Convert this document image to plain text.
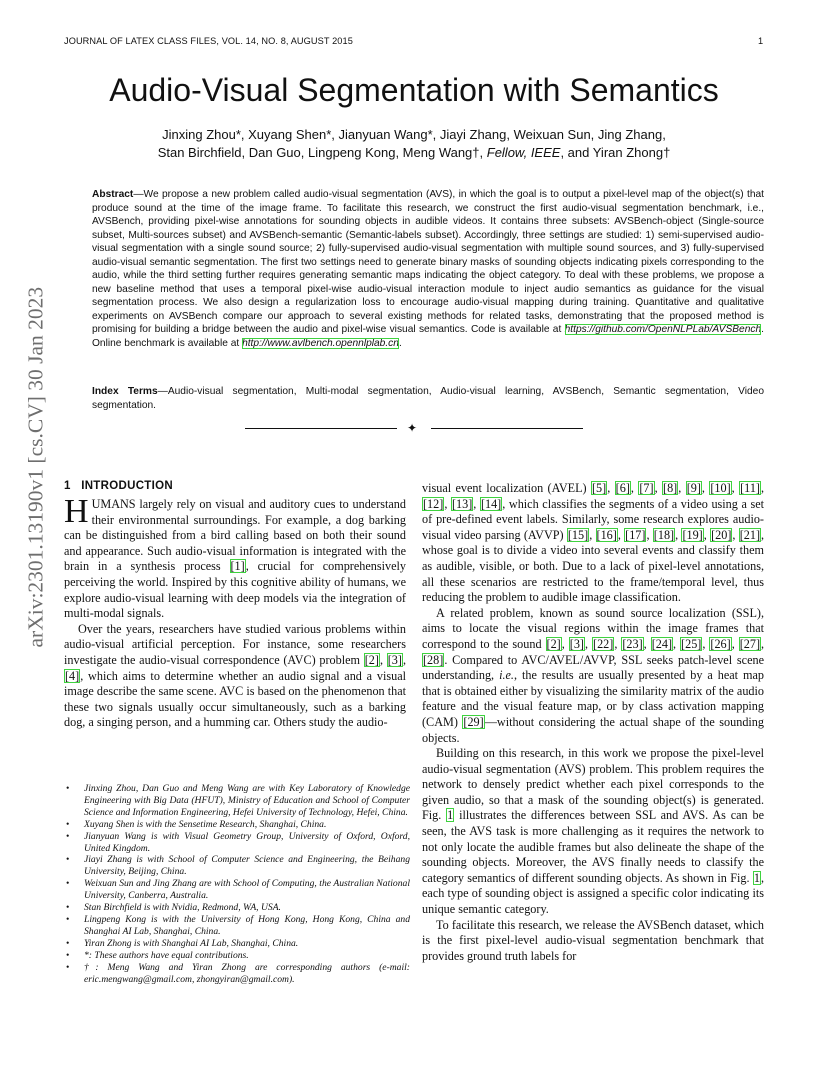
JOURNAL OF LATEX CLASS FILES, VOL. 14, NO. 8, AUGUST 2015	1
arXiv:2301.13190v1 [cs.CV] 30 Jan 2023
Audio-Visual Segmentation with Semantics
Jinxing Zhou*, Xuyang Shen*, Jianyuan Wang*, Jiayi Zhang, Weixuan Sun, Jing Zhang,
Stan Birchfield, Dan Guo, Lingpeng Kong, Meng Wang†, Fellow, IEEE, and Yiran Zhong†
Abstract—We propose a new problem called audio-visual segmentation (AVS), in which the goal is to output a pixel-level map of the object(s) that produce sound at the time of the image frame. To facilitate this research, we construct the first audio-visual segmentation benchmark, i.e., AVSBench, providing pixel-wise annotations for sounding objects in audible videos. It contains three subsets: AVSBench-object (Single-source subset, Multi-sources subset) and AVSBench-semantic (Semantic-labels subset). Accordingly, three settings are studied: 1) semi-supervised audio-visual segmentation with a single sound source; 2) fully-supervised audio-visual segmentation with multiple sound sources, and 3) fully-supervised audio-visual semantic segmentation. The first two settings need to generate binary masks of sounding objects indicating pixels corresponding to the audio, while the third setting further requires generating semantic maps indicating the object category. To deal with these problems, we propose a new baseline method that uses a temporal pixel-wise audio-visual interaction module to inject audio semantics as guidance for the visual segmentation process. We also design a regularization loss to encourage audio-visual mapping during training. Quantitative and qualitative experiments on AVSBench compare our approach to several existing methods for related tasks, demonstrating that the proposed method is promising for building a bridge between the audio and pixel-wise visual semantics. Code is available at https://github.com/OpenNLPLab/AVSBench. Online benchmark is available at http://www.avlbench.opennlplab.cn.
Index Terms—Audio-visual segmentation, Multi-modal segmentation, Audio-visual learning, AVSBench, Semantic segmentation, Video segmentation.
✦
1 INTRODUCTION

HUMANS largely rely on visual and auditory cues to understand their environmental surroundings. For example, a dog barking can be distinguished from a bird calling based on both their sound and appearance. Such audio-visual information is integrated with the brain in a synthesis process [1], crucial for comprehensively perceiving the world. Inspired by this cognitive ability of humans, we explore audio-visual learning with deep models via the integration of multi-modal signals.

Over the years, researchers have studied various problems within audio-visual artificial perception. For instance, some researchers investigate the audio-visual correspondence (AVC) problem [2], [3], [4], which aims to determine whether an audio signal and a visual image describe the same scene. AVC is based on the phenomenon that these two signals usually occur simultaneously, such as a barking dog, a singing person, and a humming car. Others study the audio-

• Jinxing Zhou, Dan Guo and Meng Wang are with Key Laboratory of Knowledge Engineering with Big Data (HFUT), Ministry of Education and School of Computer Science and Information Engineering, Hefei University of Technology, Hefei, China.
• Xuyang Shen is with the Sensetime Research, Shanghai, China.
• Jianyuan Wang is with Visual Geometry Group, University of Oxford, Oxford, United Kingdom.
• Jiayi Zhang is with School of Computer Science and Engineering, the Beihang University, Beijing, China.
• Weixuan Sun and Jing Zhang are with School of Computing, the Australian National University, Canberra, Australia.
• Stan Birchfield is with Nvidia, Redmond, WA, USA.
• Lingpeng Kong is with the University of Hong Kong, Hong Kong, China and Shanghai AI Lab, Shanghai, China.
• Yiran Zhong is with Shanghai AI Lab, Shanghai, China.
• *: These authors have equal contributions.
• †: Meng Wang and Yiran Zhong are corresponding authors (e-mail: eric.mengwang@gmail.com, zhongyiran@gmail.com).

visual event localization (AVEL) [5], [6], [7], [8], [9], [10], [11], [12], [13], [14], which classifies the segments of a video using a set of pre-defined event labels. Similarly, some research explores audio-visual video parsing (AVVP) [15], [16], [17], [18], [19], [20], [21], whose goal is to divide a video into several events and classify them as audible, visible, or both. Due to a lack of pixel-level annotations, all these scenarios are restricted to the frame/temporal level, thus reducing the problem to audible image classification.

A related problem, known as sound source localization (SSL), aims to locate the visual regions within the image frames that correspond to the sound [2], [3], [22], [23], [24], [25], [26], [27], [28]. Compared to AVC/AVEL/AVVP, SSL seeks patch-level scene understanding, i.e., the results are usually presented by a heat map that is obtained either by visualizing the similarity matrix of the audio feature and the visual feature map, or by class activation mapping (CAM) [29]—without considering the actual shape of the sounding objects.

Building on this research, in this work we propose the pixel-level audio-visual segmentation (AVS) problem. This problem requires the network to densely predict whether each pixel corresponds to the given audio, so that a mask of the sounding object(s) is generated. Fig. 1 illustrates the differences between SSL and AVS. As can be seen, the AVS task is more challenging as it requires the network to not only locate the audible frames but also delineate the shape of the sounding objects. Moreover, the AVS finally needs to classify the category semantics of different sounding objects. As shown in Fig. 1, each type of sounding object is assigned a specific color indicating its unique semantic category.

To facilitate this research, we release the AVSBench dataset, which is the first pixel-level audio-visual segmentation benchmark that provides ground truth labels for
